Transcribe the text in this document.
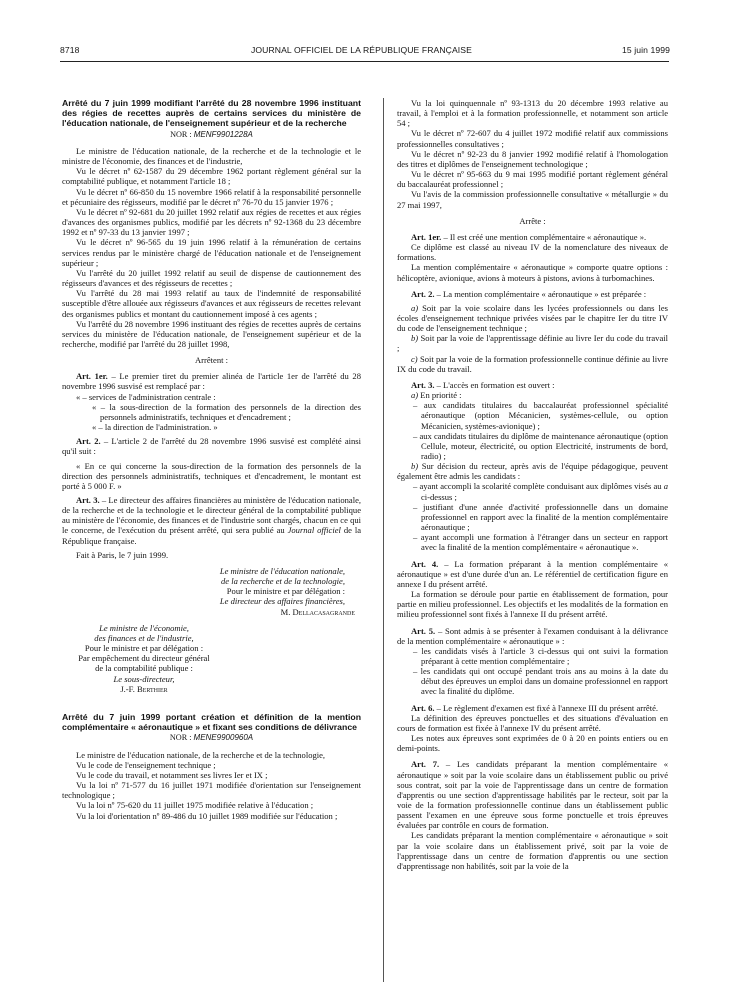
8718	JOURNAL OFFICIEL DE LA RÉPUBLIQUE FRANÇAISE	15 juin 1999

Arrêté du 7 juin 1999 modifiant l'arrêté du 28 novembre 1996 instituant des régies de recettes auprès de certains services du ministère de l'éducation nationale, de l'enseignement supérieur et de la recherche

NOR : MENF9901228A

Le ministre de l'éducation nationale, de la recherche et de la technologie et le ministre de l'économie, des finances et de l'industrie,

Vu le décret nº 62-1587 du 29 décembre 1962 portant règlement général sur la comptabilité publique, et notamment l'article 18 ;

Vu le décret nº 66-850 du 15 novembre 1966 relatif à la responsabilité personnelle et pécuniaire des régisseurs, modifié par le décret nº 76-70 du 15 janvier 1976 ;

Vu le décret nº 92-681 du 20 juillet 1992 relatif aux régies de recettes et aux régies d'avances des organismes publics, modifié par les décrets nº 92-1368 du 23 décembre 1992 et nº 97-33 du 13 janvier 1997 ;

Vu le décret nº 96-565 du 19 juin 1996 relatif à la rémunération de certains services rendus par le ministère chargé de l'éducation nationale et de l'enseignement supérieur ;

Vu l'arrêté du 20 juillet 1992 relatif au seuil de dispense de cautionnement des régisseurs d'avances et des régisseurs de recettes ;

Vu l'arrêté du 28 mai 1993 relatif au taux de l'indemnité de responsabilité susceptible d'être allouée aux régisseurs d'avances et aux régisseurs de recettes relevant des organismes publics et montant du cautionnement imposé à ces agents ;

Vu l'arrêté du 28 novembre 1996 instituant des régies de recettes auprès de certains services du ministère de l'éducation nationale, de l'enseignement supérieur et de la recherche, modifié par l'arrêté du 28 juillet 1998,

Arrêtent :

Art. 1er. – Le premier tiret du premier alinéa de l'article 1er de l'arrêté du 28 novembre 1996 susvisé est remplacé par :

« – services de l'administration centrale :

« – la sous-direction de la formation des personnels de la direction des personnels administratifs, techniques et d'encadrement ;

« – la direction de l'administration. »

Art. 2. – L'article 2 de l'arrêté du 28 novembre 1996 susvisé est complété ainsi qu'il suit :

« En ce qui concerne la sous-direction de la formation des personnels de la direction des personnels administratifs, techniques et d'encadrement, le montant est porté à 5 000 F. »

Art. 3. – Le directeur des affaires financières au ministère de l'éducation nationale, de la recherche et de la technologie et le directeur général de la comptabilité publique au ministère de l'économie, des finances et de l'industrie sont chargés, chacun en ce qui le concerne, de l'exécution du présent arrêté, qui sera publié au Journal officiel de la République française.

Fait à Paris, le 7 juin 1999.

Le ministre de l'éducation nationale,

de la recherche et de la technologie,

Pour le ministre et par délégation :

Le directeur des affaires financières,

M. Dellacasagrande

Le ministre de l'économie,

des finances et de l'industrie,

Pour le ministre et par délégation :

Par empêchement du directeur général

de la comptabilité publique :

Le sous-directeur,

J.-F. Berthier

Arrêté du 7 juin 1999 portant création et définition de la mention complémentaire « aéronautique » et fixant ses conditions de délivrance

NOR : MENE9900960A

Le ministre de l'éducation nationale, de la recherche et de la technologie,

Vu le code de l'enseignement technique ;

Vu le code du travail, et notamment ses livres Ier et IX ;

Vu la loi nº 71-577 du 16 juillet 1971 modifiée d'orientation sur l'enseignement technologique ;

Vu la loi nº 75-620 du 11 juillet 1975 modifiée relative à l'éducation ;

Vu la loi d'orientation nº 89-486 du 10 juillet 1989 modifiée sur l'éducation ;

Vu la loi quinquennale nº 93-1313 du 20 décembre 1993 relative au travail, à l'emploi et à la formation professionnelle, et notamment son article 54 ;

Vu le décret nº 72-607 du 4 juillet 1972 modifié relatif aux commissions professionnelles consultatives ;

Vu le décret nº 92-23 du 8 janvier 1992 modifié relatif à l'homologation des titres et diplômes de l'enseignement technologique ;

Vu le décret nº 95-663 du 9 mai 1995 modifié portant règlement général du baccalauréat professionnel ;

Vu l'avis de la commission professionnelle consultative « métallurgie » du 27 mai 1997,

Arrête :

Art. 1er. – Il est créé une mention complémentaire « aéronautique ».

Ce diplôme est classé au niveau IV de la nomenclature des niveaux de formations.

La mention complémentaire « aéronautique » comporte quatre options : hélicoptère, avionique, avions à moteurs à pistons, avions à turbomachines.

Art. 2. – La mention complémentaire « aéronautique » est préparée :

a) Soit par la voie scolaire dans les lycées professionnels ou dans les écoles d'enseignement technique privées visées par le chapitre Ier du titre IV du code de l'enseignement technique ;

b) Soit par la voie de l'apprentissage définie au livre Ier du code du travail ;

c) Soit par la voie de la formation professionnelle continue définie au livre IX du code du travail.

Art. 3. – L'accès en formation est ouvert :

a) En priorité :

– aux candidats titulaires du baccalauréat professionnel spécialité aéronautique (option Mécanicien, systèmes-cellule, ou option Mécanicien, systèmes-avionique) ;

– aux candidats titulaires du diplôme de maintenance aéronautique (option Cellule, moteur, électricité, ou option Electricité, instruments de bord, radio) ;

b) Sur décision du recteur, après avis de l'équipe pédagogique, peuvent également être admis les candidats :

– ayant accompli la scolarité complète conduisant aux diplômes visés au a ci-dessus ;

– justifiant d'une année d'activité professionnelle dans un domaine professionnel en rapport avec la finalité de la mention complémentaire aéronautique ;

– ayant accompli une formation à l'étranger dans un secteur en rapport avec la finalité de la mention complémentaire « aéronautique ».

Art. 4. – La formation préparant à la mention complémentaire « aéronautique » est d'une durée d'un an. Le référentiel de certification figure en annexe I du présent arrêté.

La formation se déroule pour partie en établissement de formation, pour partie en milieu professionnel. Les objectifs et les modalités de la formation en milieu professionnel sont fixés à l'annexe II du présent arrêté.

Art. 5. – Sont admis à se présenter à l'examen conduisant à la délivrance de la mention complémentaire « aéronautique » :

– les candidats visés à l'article 3 ci-dessus qui ont suivi la formation préparant à cette mention complémentaire ;

– les candidats qui ont occupé pendant trois ans au moins à la date du début des épreuves un emploi dans un domaine professionnel en rapport avec la finalité du diplôme.

Art. 6. – Le règlement d'examen est fixé à l'annexe III du présent arrêté.

La définition des épreuves ponctuelles et des situations d'évaluation en cours de formation est fixée à l'annexe IV du présent arrêté.

Les notes aux épreuves sont exprimées de 0 à 20 en points entiers ou en demi-points.

Art. 7. – Les candidats préparant la mention complémentaire « aéronautique » soit par la voie scolaire dans un établissement public ou privé sous contrat, soit par la voie de l'apprentissage dans un centre de formation d'apprentis ou une section d'apprentissage habilités par le recteur, soit par la voie de la formation professionnelle continue dans un établissement public passent l'examen en une épreuve sous forme ponctuelle et trois épreuves évaluées par contrôle en cours de formation.

Les candidats préparant la mention complémentaire « aéronautique » soit par la voie scolaire dans un établissement privé, soit par la voie de l'apprentissage dans un centre de formation d'apprentis ou une section d'apprentissage non habilités, soit par la voie de la
